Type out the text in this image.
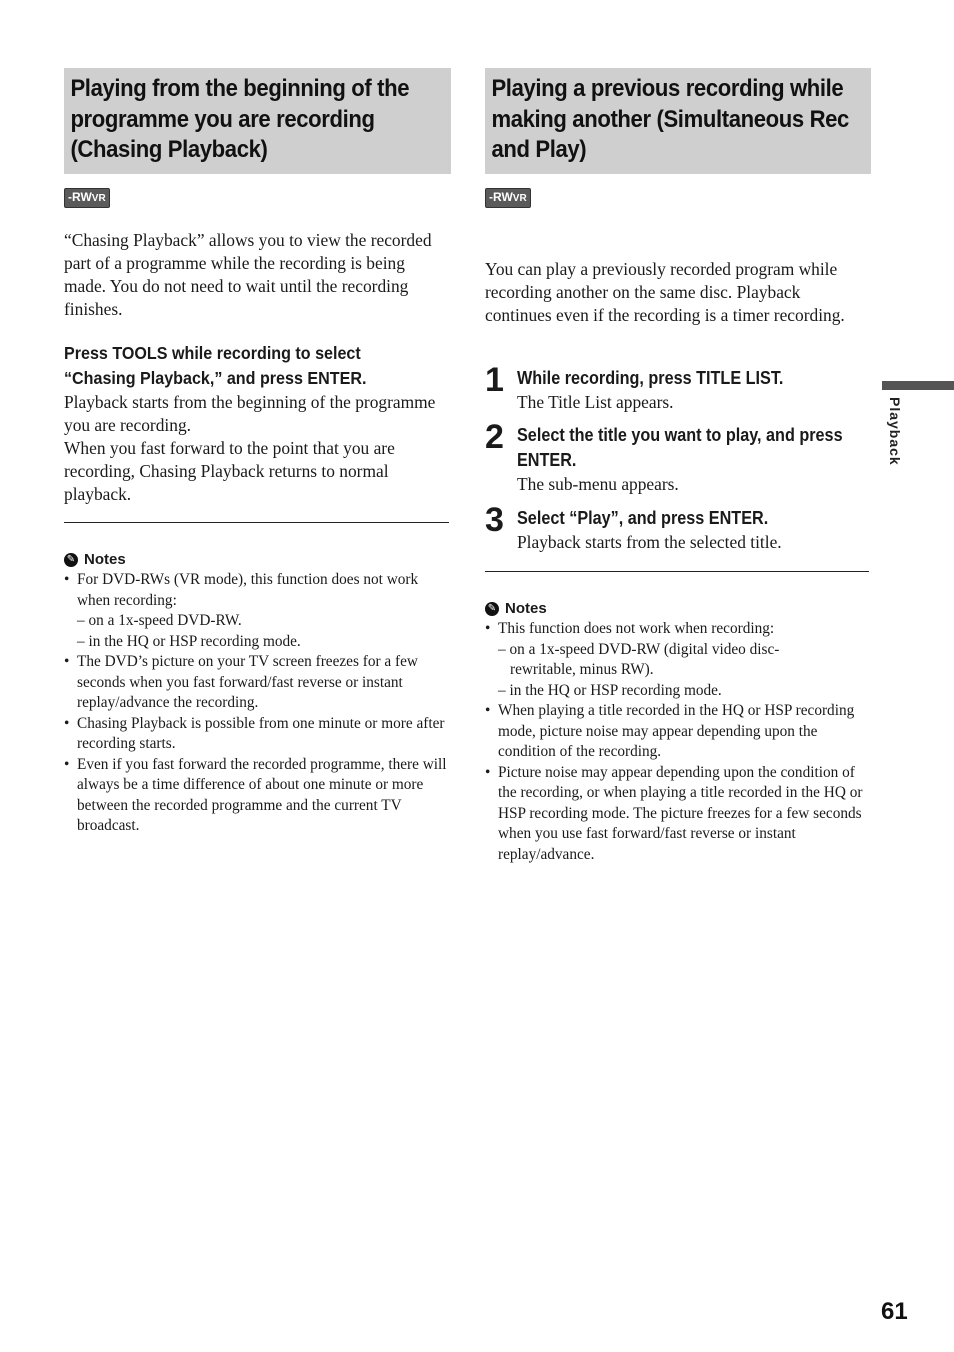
Playing from the beginning of the
programme you are recording
(Chasing Playback)
-RWVR

“Chasing Playback” allows you to view the recorded part of a programme while the recording is being made. You do not need to wait until the recording finishes.

Press TOOLS while recording to select

“Chasing Playback,” and press ENTER.

Playback starts from the beginning of the programme you are recording.

When you fast forward to the point that you are recording, Chasing Playback returns to normal playback.

✎ Notes
• For DVD-RWs (VR mode), this function does not work when recording:
– on a 1x-speed DVD-RW.
– in the HQ or HSP recording mode.
• The DVD’s picture on your TV screen freezes for a few seconds when you fast forward/fast reverse or instant replay/advance the recording.
• Chasing Playback is possible from one minute or more after recording starts.
• Even if you fast forward the recorded programme, there will always be a time difference of about one minute or more between the recorded programme and the current TV broadcast.
Playing a previous recording while
making another (Simultaneous Rec
and Play)
-RWVR

You can play a previously recorded program while recording another on the same disc. Playback continues even if the recording is a timer recording.

1 While recording, press TITLE LIST.

The Title List appears.

2 Select the title you want to play, and press ENTER.

The sub-menu appears.

3 Select “Play”, and press ENTER.

Playback starts from the selected title.

✎ Notes
• This function does not work when recording:
– on a 1x-speed DVD-RW (digital video disc-
rewritable, minus RW).
– in the HQ or HSP recording mode.
• When playing a title recorded in the HQ or HSP recording mode, picture noise may appear depending upon the condition of the recording.
• Picture noise may appear depending upon the condition of the recording, or when playing a title recorded in the HQ or HSP recording mode. The picture freezes for a few seconds when you use fast forward/fast reverse or instant replay/advance.
Playback
61
